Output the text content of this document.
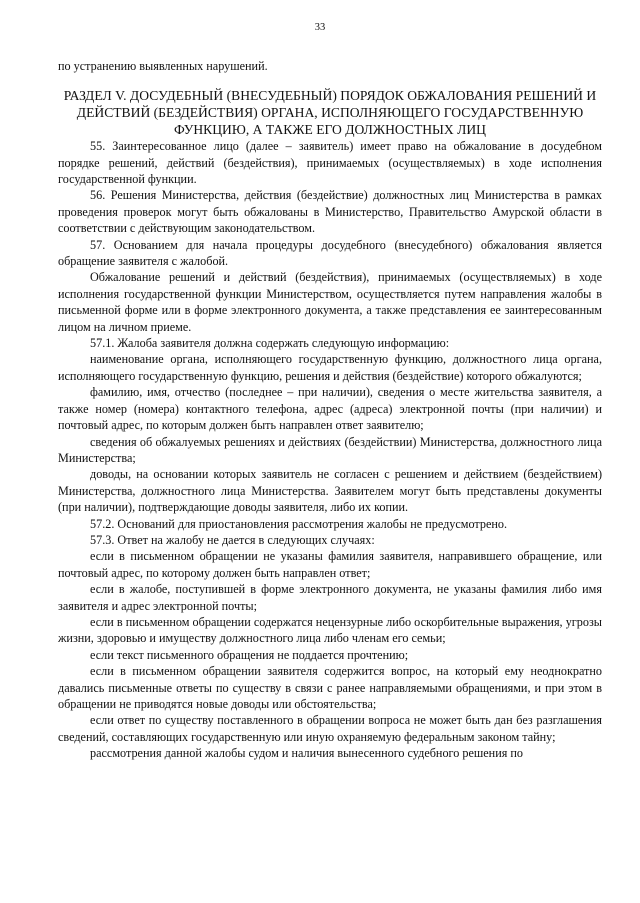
33

по устранению выявленных нарушений.

РАЗДЕЛ V. ДОСУДЕБНЫЙ (ВНЕСУДЕБНЫЙ) ПОРЯДОК ОБЖАЛОВАНИЯ РЕШЕНИЙ И ДЕЙСТВИЙ (БЕЗДЕЙСТВИЯ) ОРГАНА, ИСПОЛНЯЮЩЕГО ГОСУДАРСТВЕННУЮ ФУНКЦИЮ, А ТАКЖЕ ЕГО ДОЛЖНОСТНЫХ ЛИЦ

55. Заинтересованное лицо (далее – заявитель) имеет право на обжалование в досудебном порядке решений, действий (бездействия), принимаемых (осуществляемых) в ходе исполнения государственной функции.

56. Решения Министерства, действия (бездействие) должностных лиц Министерства в рамках проведения проверок могут быть обжалованы в Министерство, Правительство Амурской области в соответствии с действующим законодательством.

57. Основанием для начала процедуры досудебного (внесудебного) обжалования является обращение заявителя с жалобой.

Обжалование решений и действий (бездействия), принимаемых (осуществляемых) в ходе исполнения государственной функции Министерством, осуществляется путем направления жалобы в письменной форме или в форме электронного документа, а также представления ее заинтересованным лицом на личном приеме.

57.1. Жалоба заявителя должна содержать следующую информацию:

наименование органа, исполняющего государственную функцию, должностного лица органа, исполняющего государственную функцию, решения и действия (бездействие) которого обжалуются;

фамилию, имя, отчество (последнее – при наличии), сведения о месте жительства заявителя, а также номер (номера) контактного телефона, адрес (адреса) электронной почты (при наличии) и почтовый адрес, по которым должен быть направлен ответ заявителю;

сведения об обжалуемых решениях и действиях (бездействии) Министерства, должностного лица Министерства;

доводы, на основании которых заявитель не согласен с решением и действием (бездействием) Министерства, должностного лица Министерства. Заявителем могут быть представлены документы (при наличии), подтверждающие доводы заявителя, либо их копии.

57.2. Оснований для приостановления рассмотрения жалобы не предусмотрено.

57.3. Ответ на жалобу не дается в следующих случаях:

если в письменном обращении не указаны фамилия заявителя, направившего обращение, или почтовый адрес, по которому должен быть направлен ответ;

если в жалобе, поступившей в форме электронного документа, не указаны фамилия либо имя заявителя и адрес электронной почты;

если в письменном обращении содержатся нецензурные либо оскорбительные выражения, угрозы жизни, здоровью и имуществу должностного лица либо членам его семьи;

если текст письменного обращения не поддается прочтению;

если в письменном обращении заявителя содержится вопрос, на который ему неоднократно давались письменные ответы по существу в связи с ранее направляемыми обращениями, и при этом в обращении не приводятся новые доводы или обстоятельства;

если ответ по существу поставленного в обращении вопроса не может быть дан без разглашения сведений, составляющих государственную или иную охраняемую федеральным законом тайну;

рассмотрения данной жалобы судом и наличия вынесенного судебного решения по
